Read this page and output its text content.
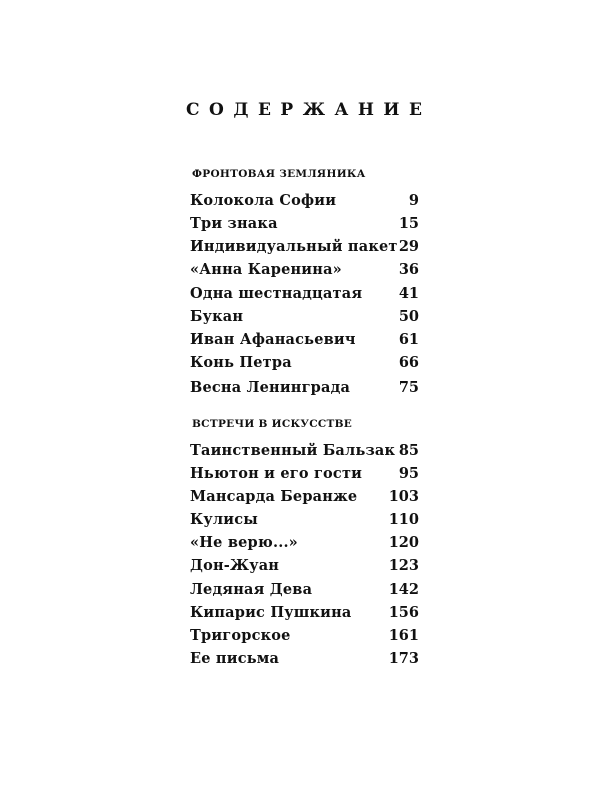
СОДЕРЖАНИЕ
ФРОНТОВАЯ ЗЕМЛЯНИКА
Колокола Софии	9
Три знака	15
Индивидуальный пакет 29
«Анна Каренина»	36
Одна шестнадцатая	41
Букан	50
Иван Афанасьевич	61
Конь Петра	66
Весна Ленинграда	75
ВСТРЕЧИ В ИСКУССТВЕ
Таинственный Бальзак 85
Ньютон и его гости	95
Мансарда Беранже 103
Кулисы	110
«Не верю...»	120
Дон-Жуан	123
Ледяная Дева	142
Кипарис Пушкина	156
Тригорское	161
Ее письма	173
